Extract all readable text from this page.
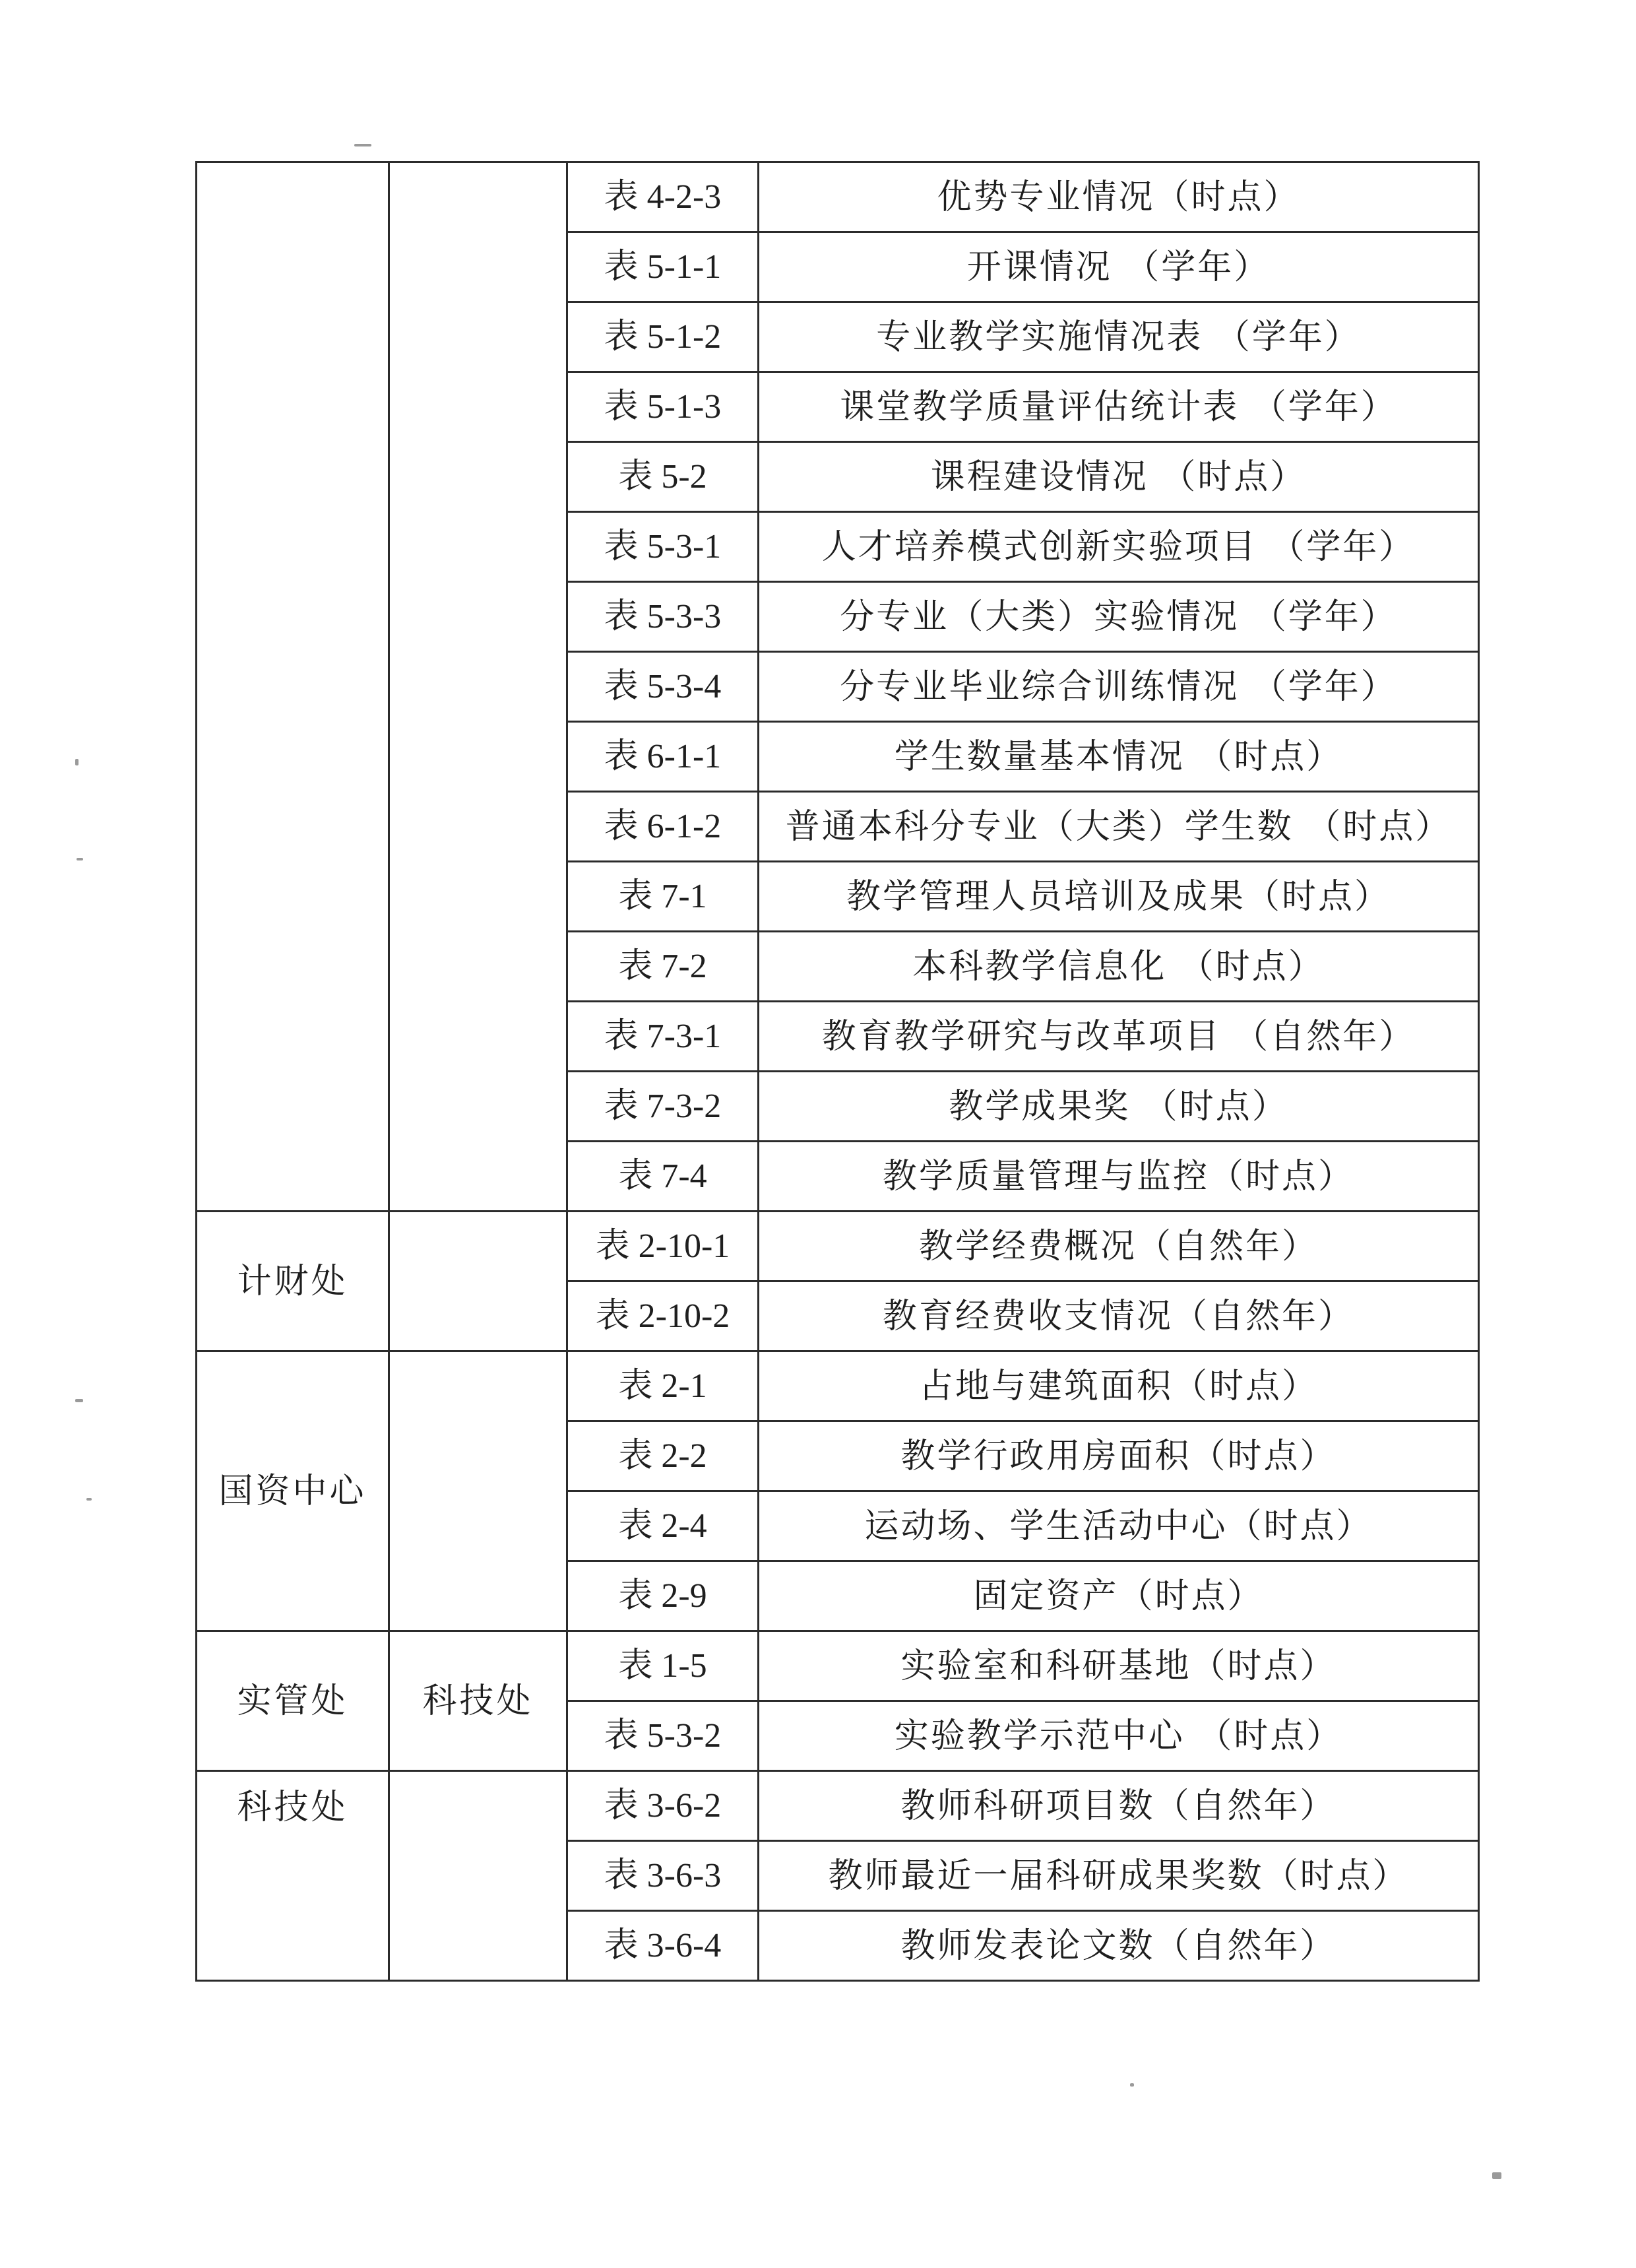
		表 4-2-3	优势专业情况（时点）
		表 5-1-1	开课情况 （学年）
		表 5-1-2	专业教学实施情况表 （学年）
		表 5-1-3	课堂教学质量评估统计表 （学年）
		表 5-2	课程建设情况 （时点）
		表 5-3-1	人才培养模式创新实验项目 （学年）
		表 5-3-3	分专业（大类）实验情况 （学年）
		表 5-3-4	分专业毕业综合训练情况 （学年）
		表 6-1-1	学生数量基本情况 （时点）
		表 6-1-2	普通本科分专业（大类）学生数 （时点）
		表 7-1	教学管理人员培训及成果（时点）
		表 7-2	本科教学信息化 （时点）
		表 7-3-1	教育教学研究与改革项目 （自然年）
		表 7-3-2	教学成果奖 （时点）
		表 7-4	教学质量管理与监控（时点）
计财处		表 2-10-1	教学经费概况（自然年）
		表 2-10-2	教育经费收支情况（自然年）
国资中心		表 2-1	占地与建筑面积（时点）
		表 2-2	教学行政用房面积（时点）
		表 2-4	运动场、学生活动中心（时点）
		表 2-9	固定资产（时点）
实管处	科技处	表 1-5	实验室和科研基地（时点）
		表 5-3-2	实验教学示范中心 （时点）
科技处		表 3-6-2	教师科研项目数（自然年）
		表 3-6-3	教师最近一届科研成果奖数（时点）
		表 3-6-4	教师发表论文数（自然年）
